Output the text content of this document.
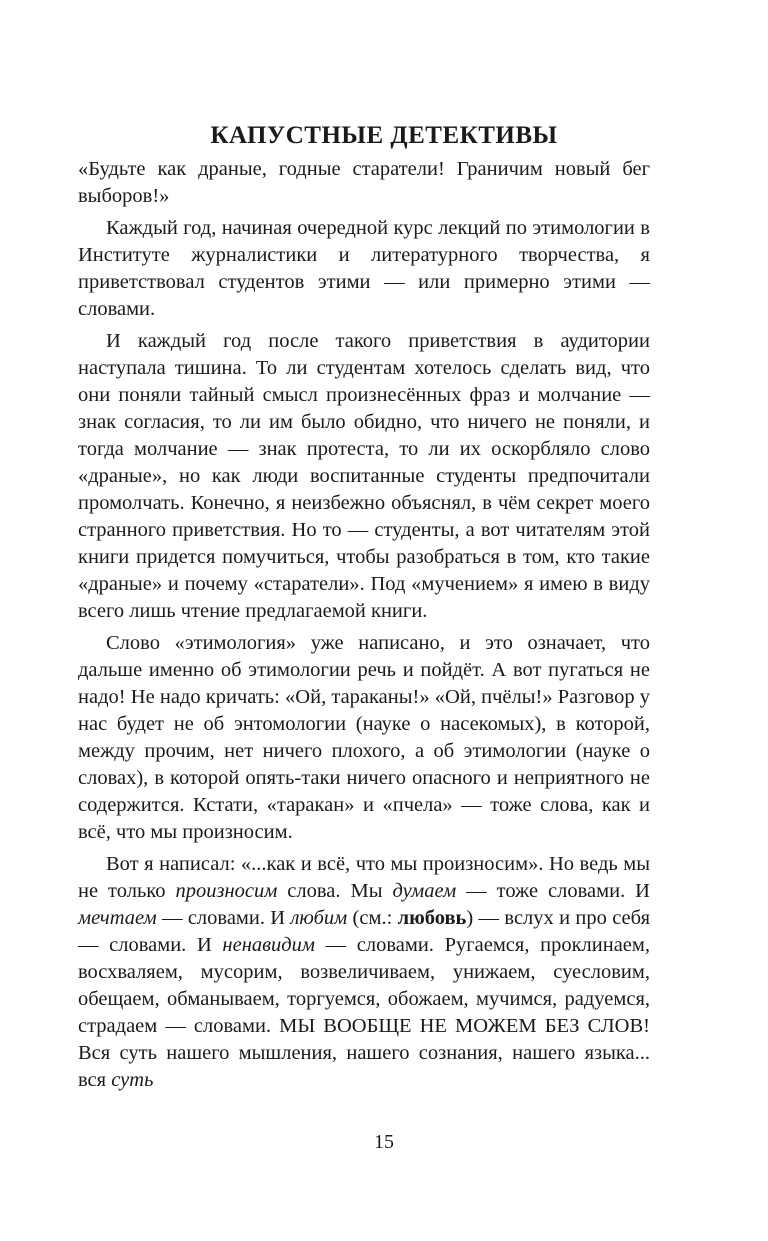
КАПУСТНЫЕ ДЕТЕКТИВЫ

«Будьте как драные, годные старатели! Граничим новый бег выборов!»

Каждый год, начиная очередной курс лекций по этимологии в Институте журналистики и литературного творчества, я приветствовал студентов этими — или примерно этими — словами.

И каждый год после такого приветствия в аудитории наступала тишина. То ли студентам хотелось сделать вид, что они поняли тайный смысл произнесённых фраз и молчание — знак согласия, то ли им было обидно, что ничего не поняли, и тогда молчание — знак протеста, то ли их оскорбляло слово «драные», но как люди воспитанные студенты предпочитали промолчать. Конечно, я неизбежно объяснял, в чём секрет моего странного приветствия. Но то — студенты, а вот читателям этой книги придется помучиться, чтобы разобраться в том, кто такие «драные» и почему «старатели». Под «мучением» я имею в виду всего лишь чтение предлагаемой книги.

Слово «этимология» уже написано, и это означает, что дальше именно об этимологии речь и пойдёт. А вот пугаться не надо! Не надо кричать: «Ой, тараканы!» «Ой, пчёлы!» Разговор у нас будет не об энтомологии (науке о насекомых), в которой, между прочим, нет ничего плохого, а об этимологии (науке о словах), в которой опять-таки ничего опасного и неприятного не содержится. Кстати, «таракан» и «пчела» — тоже слова, как и всё, что мы произносим.

Вот я написал: «...как и всё, что мы произносим». Но ведь мы не только произносим слова. Мы думаем — тоже словами. И мечтаем — словами. И любим (см.: любовь) — вслух и про себя — словами. И ненавидим — словами. Ругаемся, проклинаем, восхваляем, мусорим, возвеличиваем, унижаем, суесловим, обещаем, обманываем, торгуемся, обожаем, мучимся, радуемся, страдаем — словами. МЫ ВООБЩЕ НЕ МОЖЕМ БЕЗ СЛОВ! Вся суть нашего мышления, нашего сознания, нашего языка... вся суть

15
